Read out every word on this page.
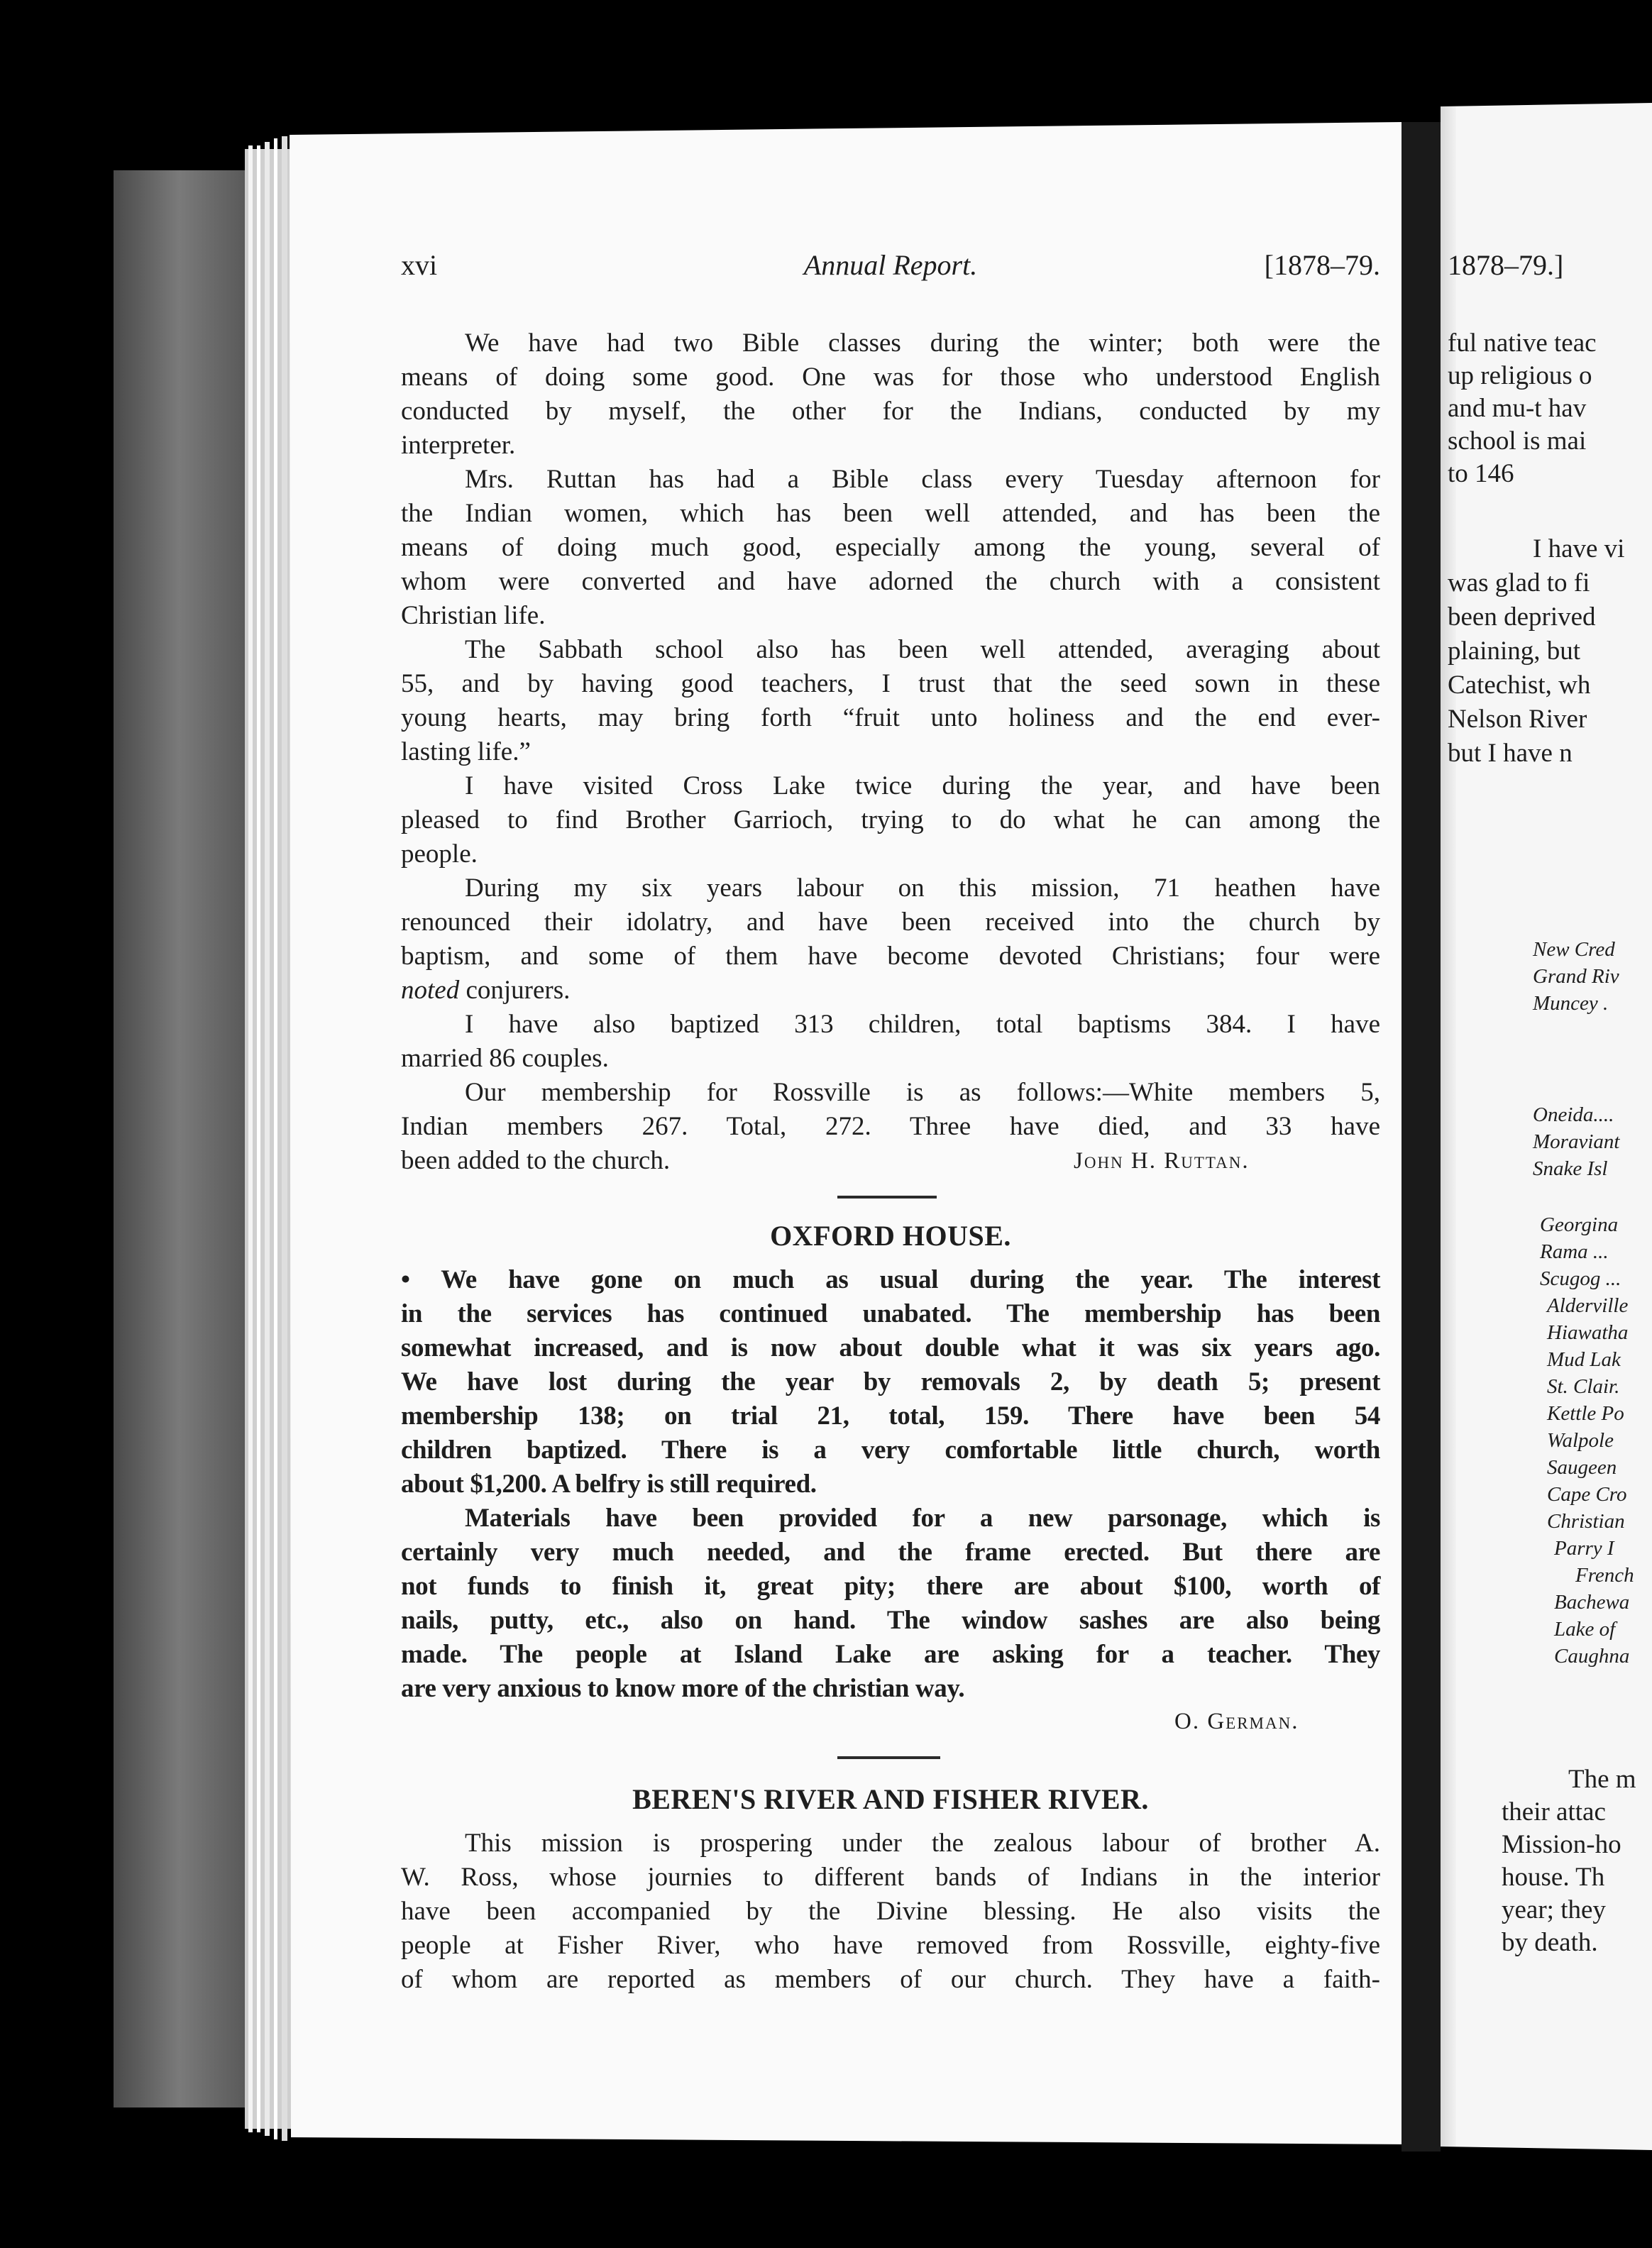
xvi	Annual Report.	[1878–79.
We have had two Bible classes during the winter; both were the
means of doing some good. One was for those who understood English
conducted by myself, the other for the Indians, conducted by my
interpreter.
Mrs. Ruttan has had a Bible class every Tuesday afternoon for
the Indian women, which has been well attended, and has been the
means of doing much good, especially among the young, several of
whom were converted and have adorned the church with a consistent
Christian life.
The Sabbath school also has been well attended, averaging about
55, and by having good teachers, I trust that the seed sown in these
young hearts, may bring forth “fruit unto holiness and the end ever-
lasting life.”
I have visited Cross Lake twice during the year, and have been
pleased to find Brother Garrioch, trying to do what he can among the
people.
During my six years labour on this mission, 71 heathen have
renounced their idolatry, and have been received into the church by
baptism, and some of them have become devoted Christians; four were
noted conjurers.
I have also baptized 313 children, total baptisms 384. I have
married 86 couples.
Our membership for Rossville is as follows:—White members 5,
Indian members 267. Total, 272. Three have died, and 33 have
been added to the church.	John H. Ruttan.
OXFORD HOUSE.
• We have gone on much as usual during the year. The interest
in the services has continued unabated. The membership has been
somewhat increased, and is now about double what it was six years ago.
We have lost during the year by removals 2, by death 5; present
membership 138; on trial 21, total, 159. There have been 54
children baptized. There is a very comfortable little church, worth
about $1,200. A belfry is still required.
Materials have been provided for a new parsonage, which is
certainly very much needed, and the frame erected. But there are
not funds to finish it, great pity; there are about $100, worth of
nails, putty, etc., also on hand. The window sashes are also being
made. The people at Island Lake are asking for a teacher. They
are very anxious to know more of the christian way.
O. German.
BEREN'S RIVER AND FISHER RIVER.
This mission is prospering under the zealous labour of brother A.
W. Ross, whose journies to different bands of Indians in the interior
have been accompanied by the Divine blessing. He also visits the
people at Fisher River, who have removed from Rossville, eighty-five
of whom are reported as members of our church. They have a faith-
1878–79.]
ful native teac
up religious o
and mu-t hav
school is mai
to 146
I have vi
was glad to fi
been deprived
plaining, but
Catechist, wh
Nelson River
but I have n
New Cred
Grand Riv
Muncey .
Oneida....
Moraviant
Snake Isl
Georgina
Rama ...
Scugog ...
Alderville
Hiawatha
Mud Lak
St. Clair.
Kettle Po
Walpole
Saugeen
Cape Cro
Christian
Parry I
French
Bachewa
Lake of
Caughna
The m
their attac
Mission-ho
house. Th
year; they
by death.
